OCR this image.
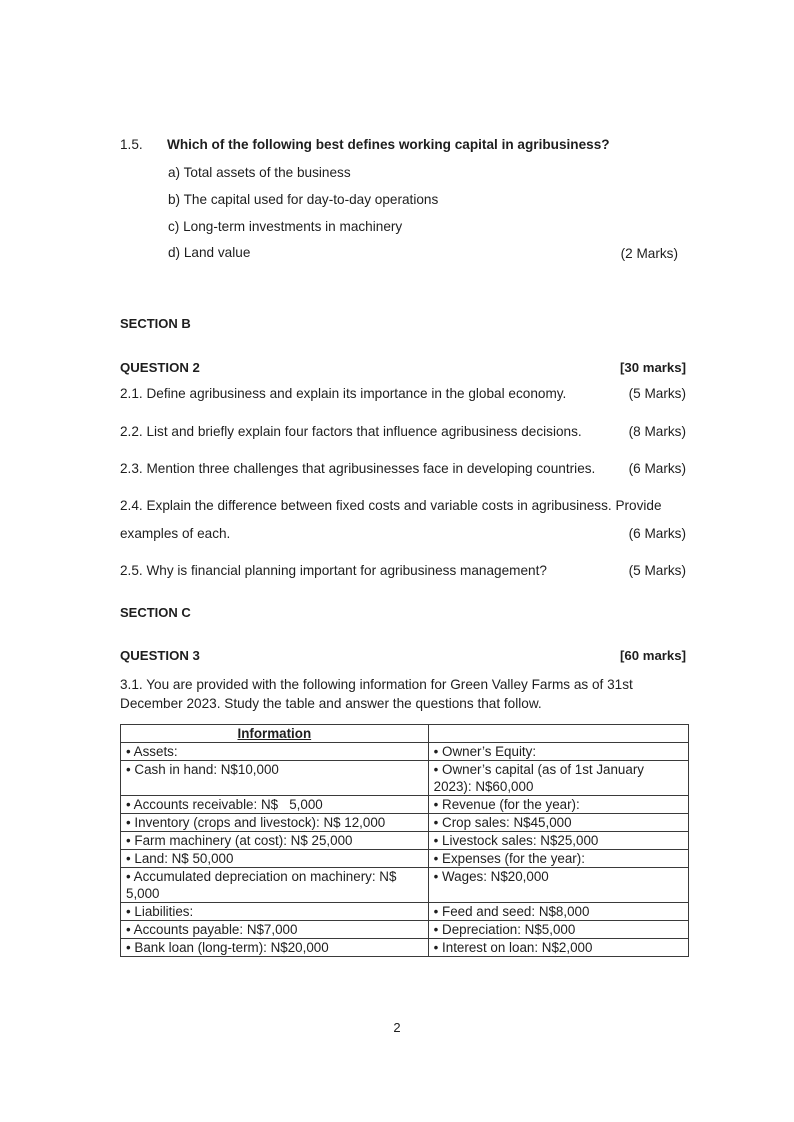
1.5. Which of the following best defines working capital in agribusiness?
a) Total assets of the business
b) The capital used for day-to-day operations
c) Long-term investments in machinery
d) Land value	(2 Marks)
SECTION B
QUESTION 2	[30 marks]
2.1. Define agribusiness and explain its importance in the global economy.	(5 Marks)
2.2. List and briefly explain four factors that influence agribusiness decisions.	(8 Marks)
2.3. Mention three challenges that agribusinesses face in developing countries. (6 Marks)
2.4. Explain the difference between fixed costs and variable costs in agribusiness. Provide
examples of each.	(6 Marks)
2.5. Why is financial planning important for agribusiness management?	(5 Marks)
SECTION C
QUESTION 3	[60 marks]
3.1. You are provided with the following information for Green Valley Farms as of 31st December 2023. Study the table and answer the questions that follow.
Information	
• Assets:	• Owner’s Equity:
• Cash in hand: N$10,000	• Owner’s capital (as of 1st January 2023): N$60,000
• Accounts receivable: N$   5,000	• Revenue (for the year):
• Inventory (crops and livestock): N$ 12,000	• Crop sales: N$45,000
• Farm machinery (at cost): N$ 25,000	• Livestock sales: N$25,000
• Land: N$ 50,000	• Expenses (for the year):
• Accumulated depreciation on machinery: N$ 5,000	• Wages: N$20,000
• Liabilities:	• Feed and seed: N$8,000
• Accounts payable: N$7,000	• Depreciation: N$5,000
• Bank loan (long-term): N$20,000	• Interest on loan: N$2,000
2
